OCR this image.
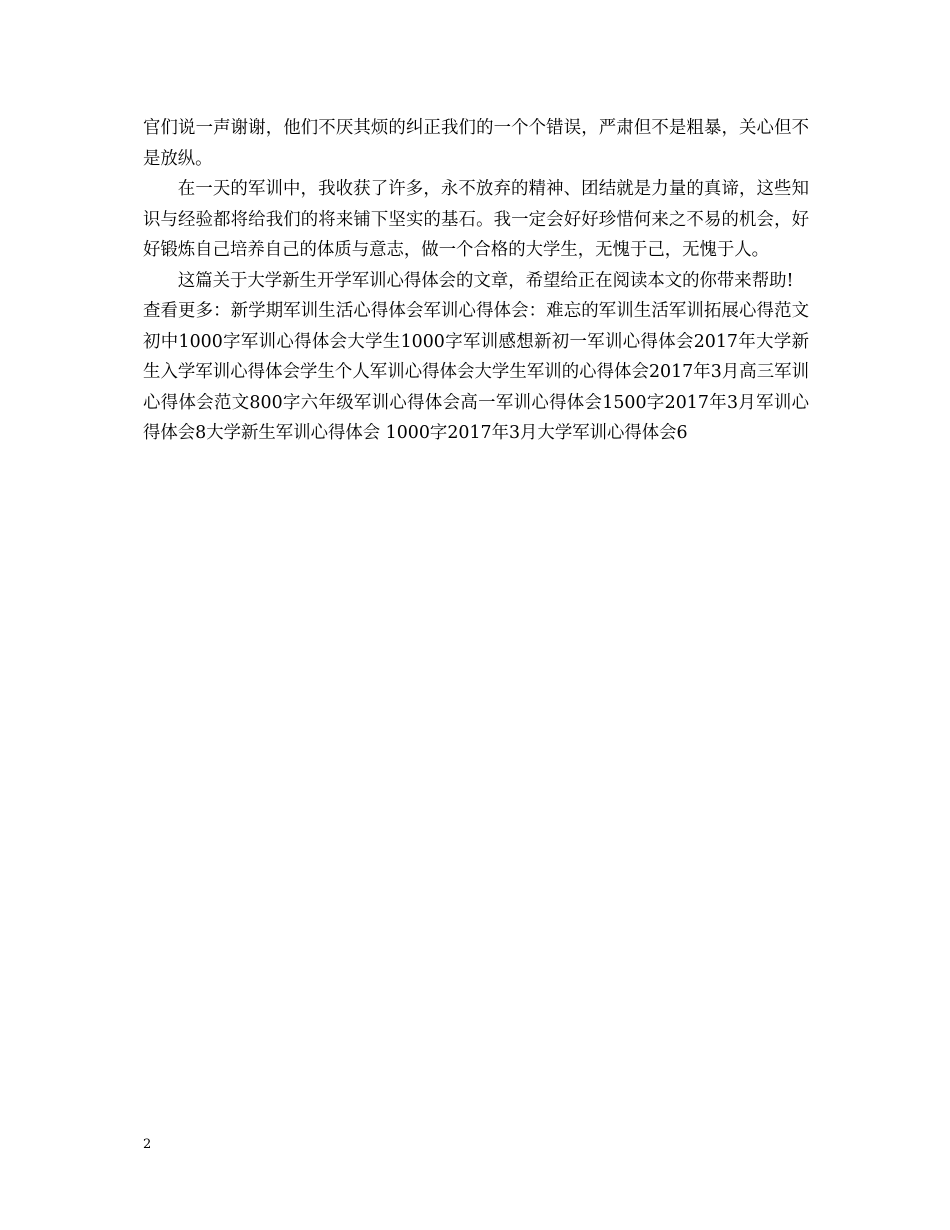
官们说一声谢谢，他们不厌其烦的纠正我们的一个个错误，严肃但不是粗暴，关心但不是放纵。

在一天的军训中，我收获了许多，永不放弃的精神、团结就是力量的真谛，这些知识与经验都将给我们的将来铺下坚实的基石。我一定会好好珍惜何来之不易的机会，好好锻炼自己培养自己的体质与意志，做一个合格的大学生，无愧于己，无愧于人。

这篇关于大学新生开学军训心得体会的文章，希望给正在阅读本文的你带来帮助!

查看更多：新学期军训生活心得体会军训心得体会：难忘的军训生活军训拓展心得范文初中1000字军训心得体会大学生1000字军训感想新初一军训心得体会2017年大学新生入学军训心得体会学生个人军训心得体会大学生军训的心得体会2017年3月高三军训心得体会范文800字六年级军训心得体会高一军训心得体会1500字2017年3月军训心得体会8大学新生军训心得体会 1000字2017年3月大学军训心得体会6

2
